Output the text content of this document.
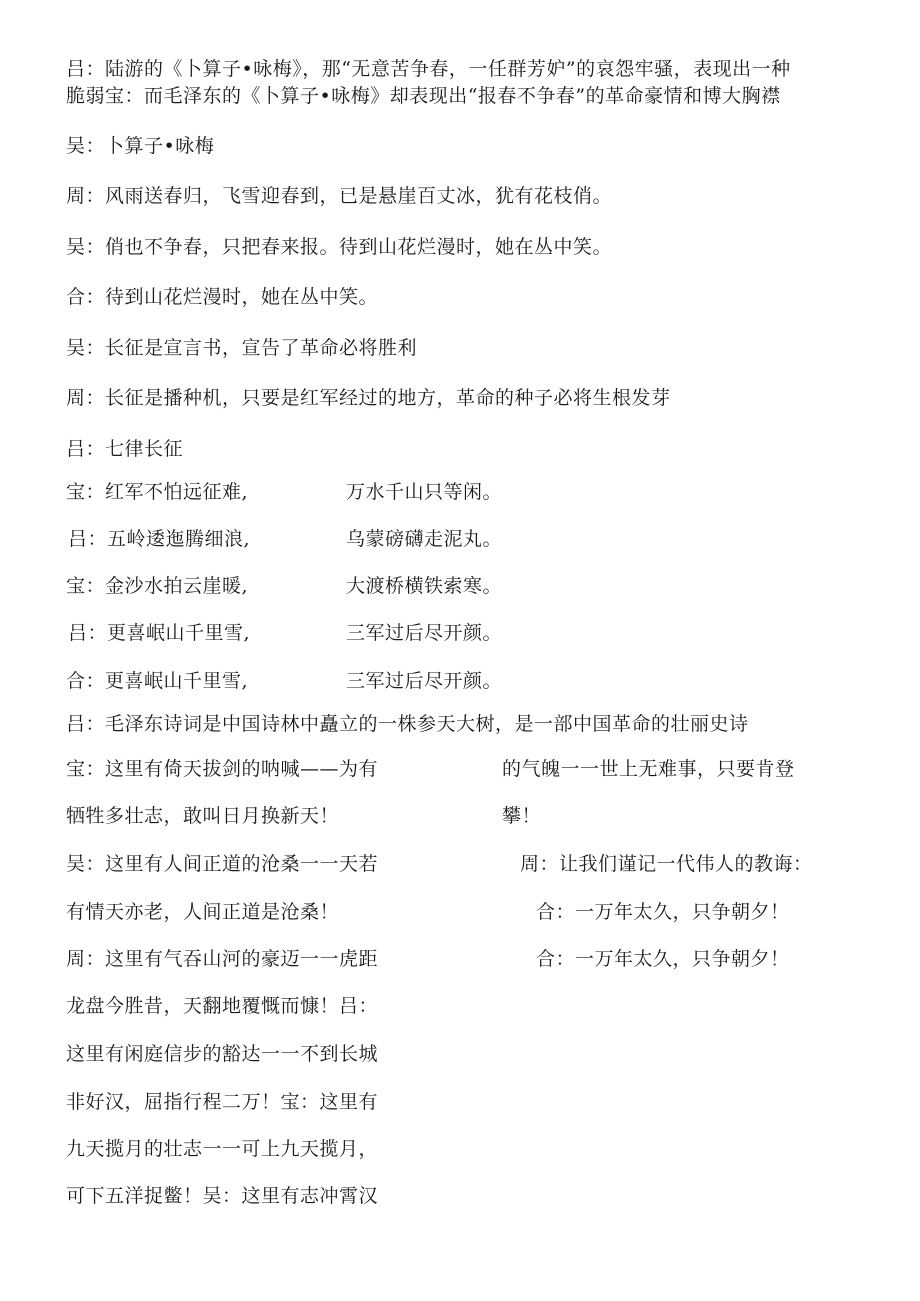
吕：陆游的《卜算子•咏梅》，那“无意苦争春，一任群芳妒”的哀怨牢骚，表现出一种
脆弱宝：而毛泽东的《卜算子•咏梅》却表现出“报春不争春”的革命豪情和博大胸襟
吴：卜算子•咏梅
周：风雨送春归，飞雪迎春到，已是悬崖百丈冰，犹有花枝俏。
吴：俏也不争春，只把春来报。待到山花烂漫时，她在丛中笑。
合：待到山花烂漫时，她在丛中笑。
吴：长征是宣言书，宣告了革命必将胜利
周：长征是播种机，只要是红军经过的地方，革命的种子必将生根发芽
吕：七律长征
宝：红军不怕远征难,	万水千山只等闲。
吕：五岭逶迤腾细浪,	乌蒙磅礴走泥丸。
宝：金沙水拍云崖暖,	大渡桥横铁索寒。
吕：更喜岷山千里雪,	三军过后尽开颜。
合：更喜岷山千里雪,	三军过后尽开颜。
吕：毛泽东诗词是中国诗林中矗立的一株参天大树，是一部中国革命的壮丽史诗
宝：这里有倚天拔剑的呐喊——为有
牺牲多壮志，敢叫日月换新天！
吴：这里有人间正道的沧桑一一天若
有情天亦老，人间正道是沧桑！
周：这里有气吞山河的豪迈一一虎距
龙盘今胜昔，天翻地覆慨而慷！吕：
这里有闲庭信步的豁达一一不到长城
非好汉，屈指行程二万！宝：这里有
九天揽月的壮志一一可上九天揽月，
可下五洋捉鳖！吴：这里有志冲霄汉
的气魄一一世上无难事，只要肯登
攀！
周：让我们谨记一代伟人的教诲：
合：一万年太久，只争朝夕！
合：一万年太久，只争朝夕！
